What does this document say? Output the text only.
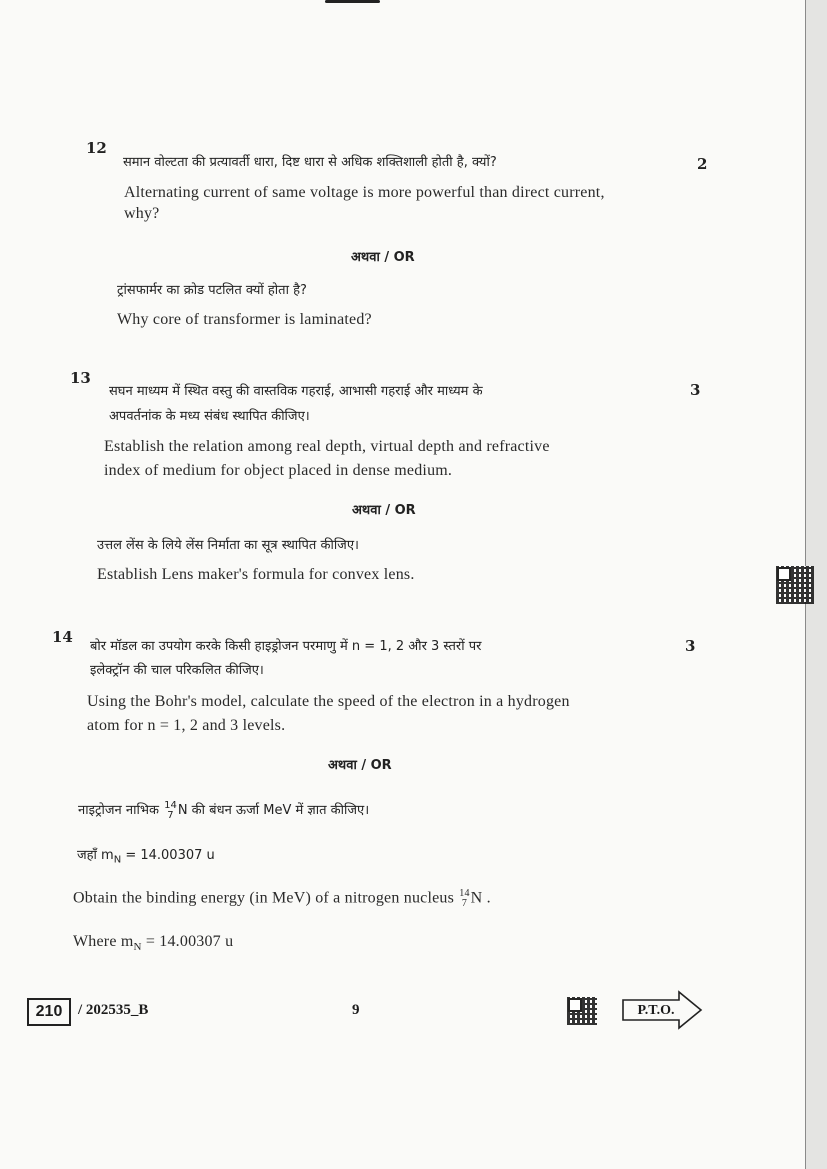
12
समान वोल्टता की प्रत्यावर्ती धारा, दिष्ट धारा से अधिक शक्तिशाली होती है, क्यों?	2
Alternating current of same voltage is more powerful than direct current,
why?
अथवा / OR
ट्रांसफार्मर का क्रोड पटलित क्यों होता है?
Why core of transformer is laminated?
13
सघन माध्यम में स्थित वस्तु की वास्तविक गहराई, आभासी गहराई और माध्यम के	3
अपवर्तनांक के मध्य संबंध स्थापित कीजिए।
Establish the relation among real depth, virtual depth and refractive
index of medium for object placed in dense medium.
अथवा / OR
उत्तल लेंस के लिये लेंस निर्माता का सूत्र स्थापित कीजिए।
Establish Lens maker's formula for convex lens.
14
बोर मॉडल का उपयोग करके किसी हाइड्रोजन परमाणु में n = 1, 2 और 3 स्तरों पर	3
इलेक्ट्रॉन की चाल परिकलित कीजिए।
Using the Bohr's model, calculate the speed of the electron in a hydrogen
atom for n = 1, 2 and 3 levels.
अथवा / OR
नाइट्रोजन नाभिक 14
7 N की बंधन ऊर्जा MeV में ज्ञात कीजिए।
जहाँ $m_N = 14.00307$ u
Obtain the binding energy (in MeV) of a nitrogen nucleus 14
7 N .
Where $m_N = 14.00307$ u
210	/ 202535_B	9	P.T.O.
